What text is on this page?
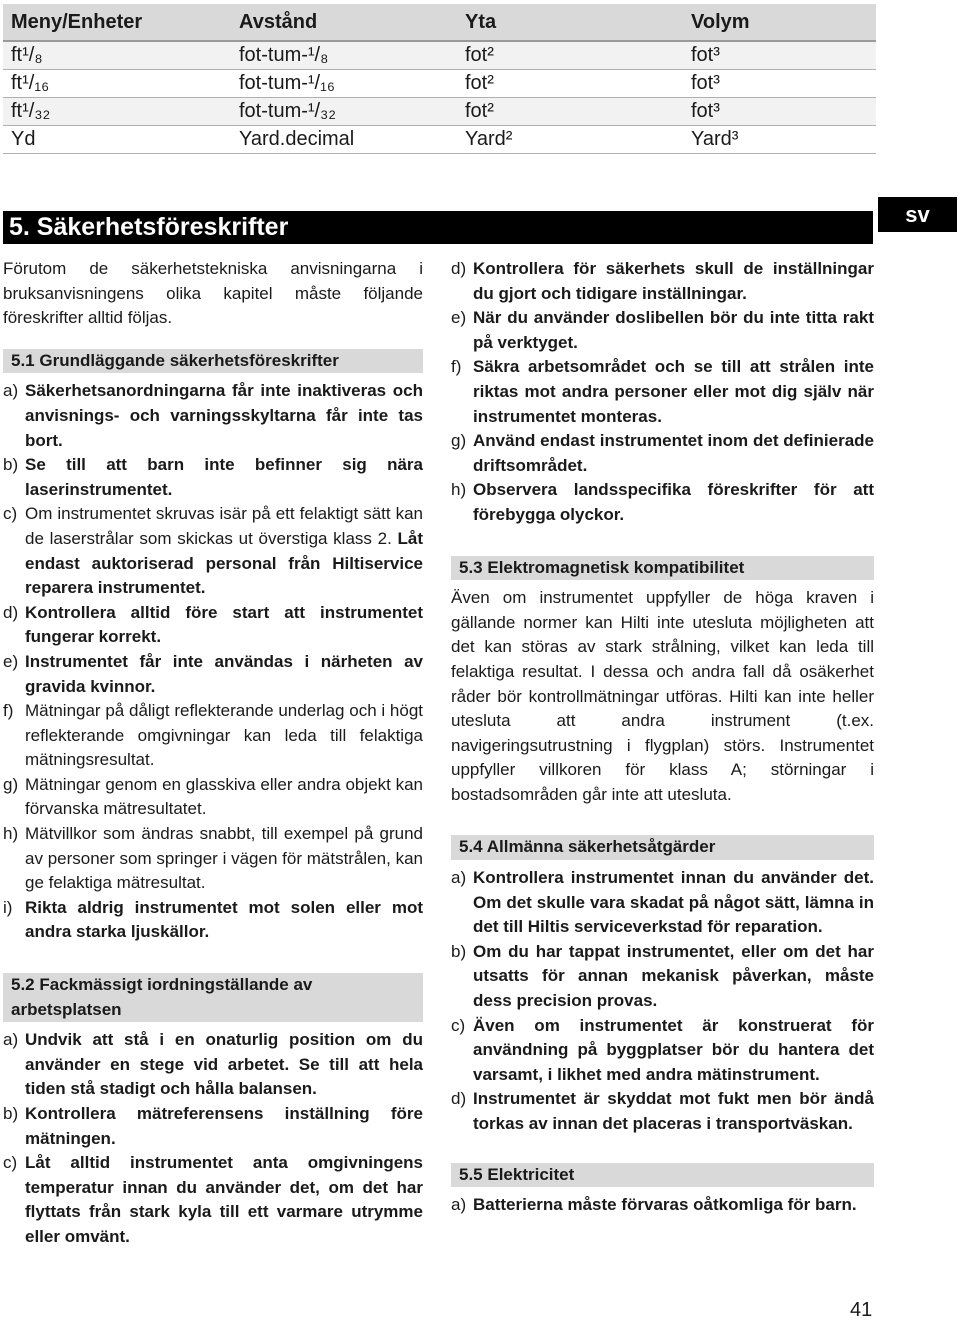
Meny/Enheter	Avstånd	Yta	Volym
ft¹/₈	fot-tum-¹/₈	fot²	fot³
ft¹/₁₆	fot-tum-¹/₁₆	fot²	fot³
ft¹/₃₂	fot-tum-¹/₃₂	fot²	fot³
Yd	Yard.decimal	Yard²	Yard³
sv
5. Säkerhetsföreskrifter

Förutom de säkerhetstekniska anvisningarna i bruksanvisningens olika kapitel måste följande föreskrifter alltid följas.

5.1 Grundläggande säkerhetsföreskrifter
a) Säkerhetsanordningarna får inte inaktiveras och anvisnings- och varningsskyltarna får inte tas bort.
b) Se till att barn inte befinner sig nära laserinstrumentet.
c) Om instrumentet skruvas isär på ett felaktigt sätt kan de laserstrålar som skickas ut överstiga klass 2. Låt endast auktoriserad personal från Hiltiservice reparera instrumentet.
d) Kontrollera alltid före start att instrumentet fungerar korrekt.
e) Instrumentet får inte användas i närheten av gravida kvinnor.
f) Mätningar på dåligt reflekterande underlag och i högt reflekterande omgivningar kan leda till felaktiga mätningsresultat.
g) Mätningar genom en glasskiva eller andra objekt kan förvanska mätresultatet.
h) Mätvillkor som ändras snabbt, till exempel på grund av personer som springer i vägen för mätstrålen, kan ge felaktiga mätresultat.
i) Rikta aldrig instrumentet mot solen eller mot andra starka ljuskällor.
5.2 Fackmässigt iordningställande av arbetsplatsen
a) Undvik att stå i en onaturlig position om du använder en stege vid arbetet. Se till att hela tiden stå stadigt och hålla balansen.
b) Kontrollera mätreferensens inställning före mätningen.
c) Låt alltid instrumentet anta omgivningens temperatur innan du använder det, om det har flyttats från stark kyla till ett varmare utrymme eller omvänt.
d) Kontrollera för säkerhets skull de inställningar du gjort och tidigare inställningar.
e) När du använder doslibellen bör du inte titta rakt på verktyget.
f) Säkra arbetsområdet och se till att strålen inte riktas mot andra personer eller mot dig själv när instrumentet monteras.
g) Använd endast instrumentet inom det definierade driftsområdet.
h) Observera landsspecifika föreskrifter för att förebygga olyckor.
5.3 Elektromagnetisk kompatibilitet

Även om instrumentet uppfyller de höga kraven i gällande normer kan Hilti inte utesluta möjligheten att det kan störas av stark strålning, vilket kan leda till felaktiga resultat. I dessa och andra fall då osäkerhet råder bör kontrollmätningar utföras. Hilti kan inte heller utesluta att andra instrument (t.ex. navigeringsutrustning i flygplan) störs. Instrumentet uppfyller villkoren för klass A; störningar i bostadsområden går inte att utesluta.

5.4 Allmänna säkerhetsåtgärder
a) Kontrollera instrumentet innan du använder det. Om det skulle vara skadat på något sätt, lämna in det till Hiltis serviceverkstad för reparation.
b) Om du har tappat instrumentet, eller om det har utsatts för annan mekanisk påverkan, måste dess precision provas.
c) Även om instrumentet är konstruerat för användning på byggplatser bör du hantera det varsamt, i likhet med andra mätinstrument.
d) Instrumentet är skyddat mot fukt men bör ändå torkas av innan det placeras i transportväskan.
5.5 Elektricitet
a) Batterierna måste förvaras oåtkomliga för barn.
41
